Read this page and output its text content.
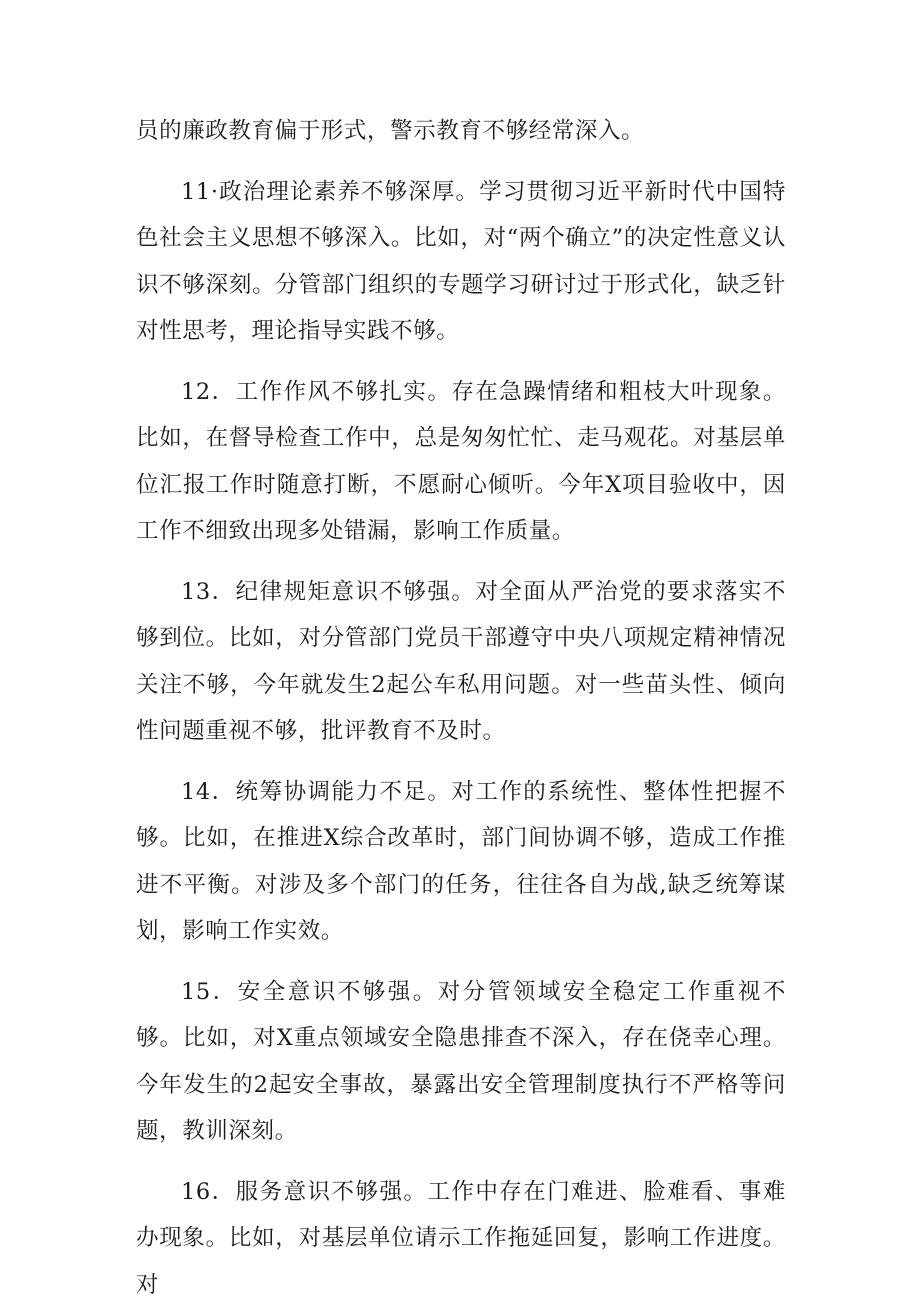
员的廉政教育偏于形式，警示教育不够经常深入。

11·政治理论素养不够深厚。学习贯彻习近平新时代中国特色社会主义思想不够深入。比如，对“两个确立”的决定性意义认识不够深刻。分管部门组织的专题学习研讨过于形式化，缺乏针对性思考，理论指导实践不够。

12．工作作风不够扎实。存在急躁情绪和粗枝大叶现象。比如，在督导检查工作中，总是匆匆忙忙、走马观花。对基层单位汇报工作时随意打断，不愿耐心倾听。今年X项目验收中，因工作不细致出现多处错漏，影响工作质量。

13．纪律规矩意识不够强。对全面从严治党的要求落实不够到位。比如，对分管部门党员干部遵守中央八项规定精神情况关注不够，今年就发生2起公车私用问题。对一些苗头性、倾向性问题重视不够，批评教育不及时。

14．统筹协调能力不足。对工作的系统性、整体性把握不够。比如，在推进X综合改革时，部门间协调不够，造成工作推进不平衡。对涉及多个部门的任务，往往各自为战,缺乏统筹谋划，影响工作实效。

15．安全意识不够强。对分管领域安全稳定工作重视不够。比如，对X重点领域安全隐患排查不深入，存在侥幸心理。今年发生的2起安全事故，暴露出安全管理制度执行不严格等问题，教训深刻。

16．服务意识不够强。工作中存在门难进、脸难看、事难办现象。比如，对基层单位请示工作拖延回复，影响工作进度。对
